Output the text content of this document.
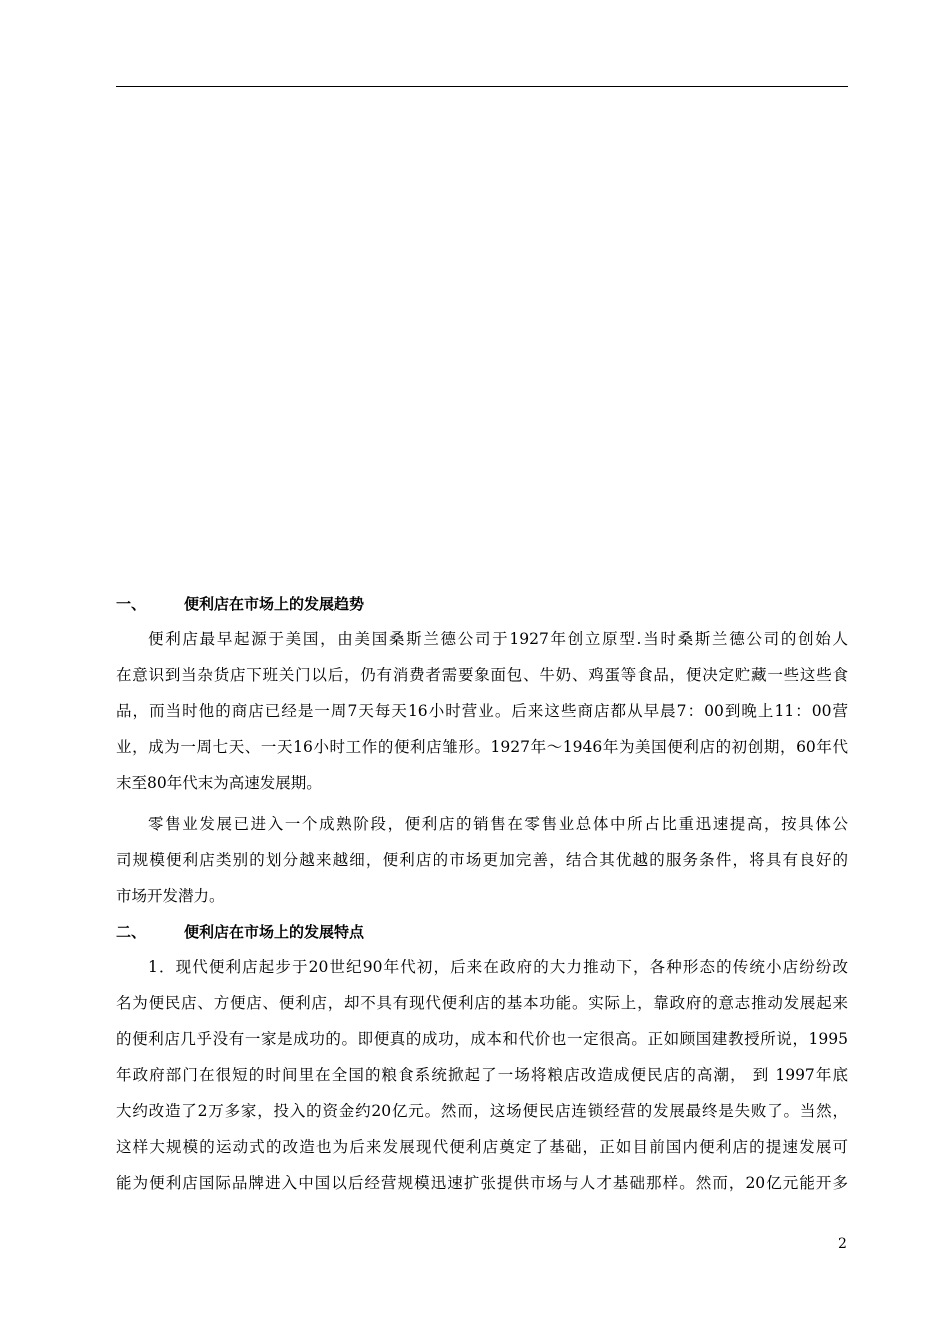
一、	便利店在市场上的发展趋势
便利店最早起源于美国，由美国桑斯兰德公司于1927年创立原型.当时桑斯兰德公司的创始人
在意识到当杂货店下班关门以后，仍有消费者需要象面包、牛奶、鸡蛋等食品，便决定贮藏一些这些食
品，而当时他的商店已经是一周7天每天16小时营业。后来这些商店都从早晨7：00到晚上11：00营
业，成为一周七天、一天16小时工作的便利店雏形。1927年～1946年为美国便利店的初创期，60年代
末至80年代末为高速发展期。
零售业发展已进入一个成熟阶段，便利店的销售在零售业总体中所占比重迅速提高，按具体公
司规模便利店类别的划分越来越细，便利店的市场更加完善，结合其优越的服务条件，将具有良好的
市场开发潜力。
二、	便利店在市场上的发展特点
1．现代便利店起步于20世纪90年代初，后来在政府的大力推动下，各种形态的传统小店纷纷改
名为便民店、方便店、便利店，却不具有现代便利店的基本功能。实际上，靠政府的意志推动发展起来
的便利店几乎没有一家是成功的。即便真的成功，成本和代价也一定很高。正如顾国建教授所说，1995
年政府部门在很短的时间里在全国的粮食系统掀起了一场将粮店改造成便民店的高潮， 到 1997年底
大约改造了2万多家，投入的资金约20亿元。然而，这场便民店连锁经营的发展最终是失败了。当然，
这样大规模的运动式的改造也为后来发展现代便利店奠定了基础，正如目前国内便利店的提速发展可
能为便利店国际品牌进入中国以后经营规模迅速扩张提供市场与人才基础那样。然而，20亿元能开多
2
